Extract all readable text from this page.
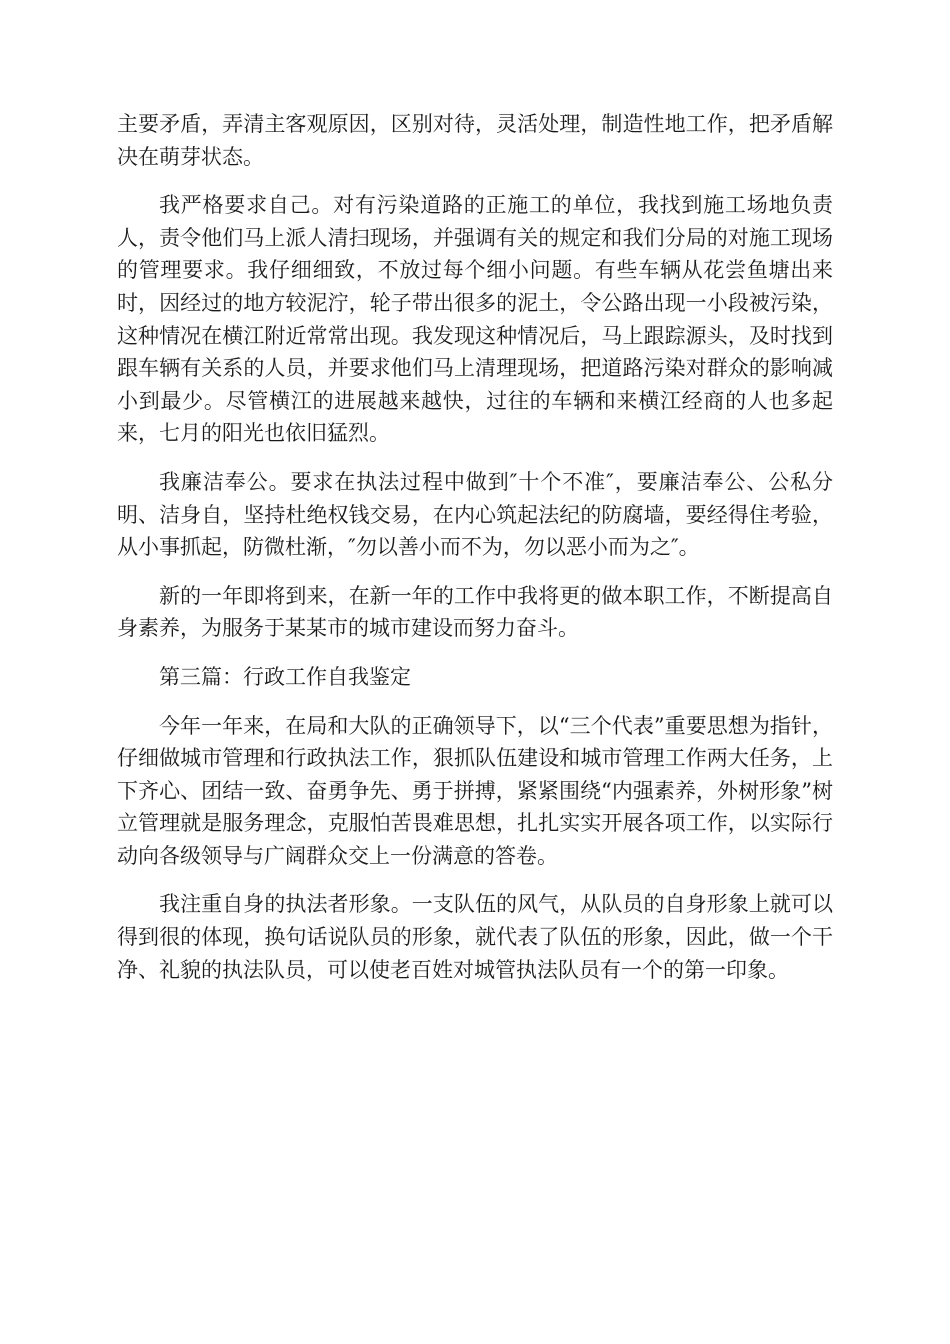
主要矛盾，弄清主客观原因，区别对待，灵活处理，制造性地工作，把矛盾解决在萌芽状态。

我严格要求自己。对有污染道路的正施工的单位，我找到施工场地负责人，责令他们马上派人清扫现场，并强调有关的规定和我们分局的对施工现场的管理要求。我仔细细致，不放过每个细小问题。有些车辆从花尝鱼塘出来时，因经过的地方较泥泞，轮子带出很多的泥土，令公路出现一小段被污染，这种情况在横江附近常常出现。我发现这种情况后，马上跟踪源头，及时找到跟车辆有关系的人员，并要求他们马上清理现场，把道路污染对群众的影响减小到最少。尽管横江的进展越来越快，过往的车辆和来横江经商的人也多起来，七月的阳光也依旧猛烈。

我廉洁奉公。要求在执法过程中做到″十个不准″，要廉洁奉公、公私分明、洁身自，坚持杜绝权钱交易，在内心筑起法纪的防腐墙，要经得住考验，从小事抓起，防微杜渐，″勿以善小而不为，勿以恶小而为之″。

新的一年即将到来，在新一年的工作中我将更的做本职工作，不断提高自身素养，为服务于某某市的城市建设而努力奋斗。

第三篇：行政工作自我鉴定

今年一年来，在局和大队的正确领导下，以“三个代表”重要思想为指针，仔细做城市管理和行政执法工作，狠抓队伍建设和城市管理工作两大任务，上下齐心、团结一致、奋勇争先、勇于拼搏，紧紧围绕“内强素养，外树形象”树立管理就是服务理念，克服怕苦畏难思想，扎扎实实开展各项工作，以实际行动向各级领导与广阔群众交上一份满意的答卷。

我注重自身的执法者形象。一支队伍的风气，从队员的自身形象上就可以得到很的体现，换句话说队员的形象，就代表了队伍的形象，因此，做一个干净、礼貌的执法队员，可以使老百姓对城管执法队员有一个的第一印象。
